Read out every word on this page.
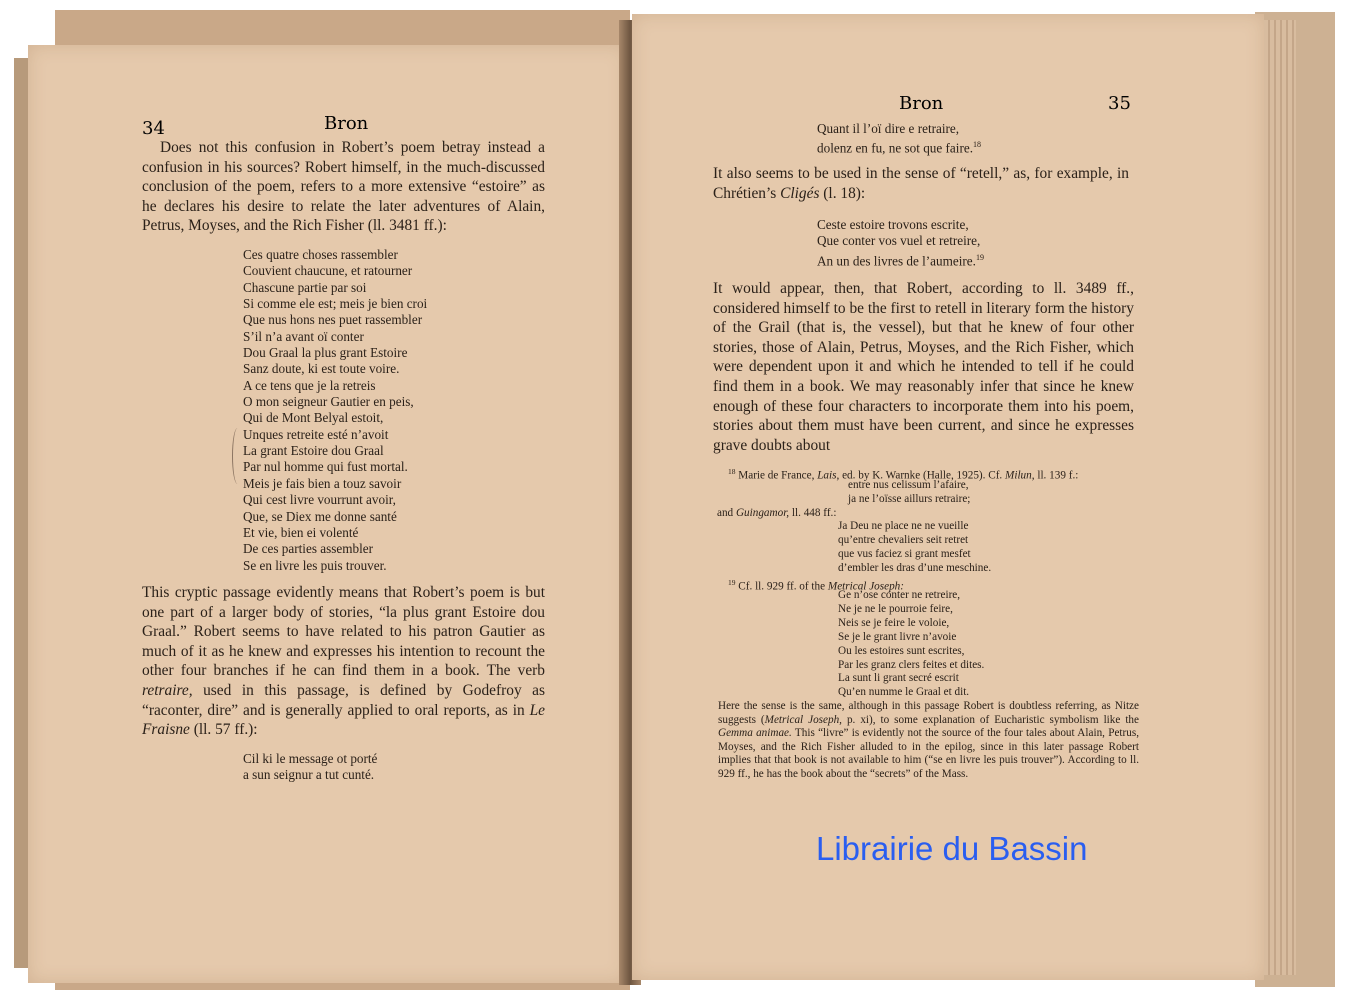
34	Bron

Does not this confusion in Robert’s poem betray instead a confusion in his sources? Robert himself, in the much-discussed conclusion of the poem, refers to a more extensive “estoire” as he declares his desire to relate the later adventures of Alain, Petrus, Moyses, and the Rich Fisher (ll. 3481 ff.):

Ces quatre choses rassembler
Couvient chaucune, et ratourner
Chascune partie par soi
Si comme ele est; meis je bien croi
Que nus hons nes puet rassembler
S’il n’a avant oï conter
Dou Graal la plus grant Estoire
Sanz doute, ki est toute voire.
A ce tens que je la retreis
O mon seigneur Gautier en peis,
Qui de Mont Belyal estoit,
Unques retreite esté n’avoit
La grant Estoire dou Graal
Par nul homme qui fust mortal.
Meis je fais bien a touz savoir
Qui cest livre vourrunt avoir,
Que, se Diex me donne santé
Et vie, bien ei volenté
De ces parties assembler
Se en livre les puis trouver.

This cryptic passage evidently means that Robert’s poem is but one part of a larger body of stories, “la plus grant Estoire dou Graal.” Robert seems to have related to his patron Gautier as much of it as he knew and expresses his intention to recount the other four branches if he can find them in a book. The verb retraire, used in this passage, is defined by Godefroy as “raconter, dire” and is generally applied to oral reports, as in Le Fraisne (ll. 57 ff.):

Cil ki le message ot porté
a sun seignur a tut cunté.
Bron	35
Quant il l’oï dire e retraire,
dolenz en fu, ne sot que faire.$^{18}$

It also seems to be used in the sense of “retell,” as, for example, in Chrétien’s Cligés (l. 18):

Ceste estoire trovons escrite,
Que conter vos vuel et retreire,
An un des livres de l’aumeire.$^{19}$

It would appear, then, that Robert, according to ll. 3489 ff., considered himself to be the first to retell in literary form the history of the Grail (that is, the vessel), but that he knew of four other stories, those of Alain, Petrus, Moyses, and the Rich Fisher, which were dependent upon it and which he intended to tell if he could find them in a book. We may reasonably infer that since he knew enough of these four characters to incorporate them into his poem, stories about them must have been current, and since he expresses grave doubts about

$^{18}$ Marie de France, Lais, ed. by K. Warnke (Halle, 1925). Cf. Milun, ll. 139 f.:
entre nus celissum l’afaire,
ja ne l’oïsse aillurs retraire;
and Guingamor, ll. 448 ff.:
Ja Deu ne place ne ne vueille
qu’entre chevaliers seit retret
que vus faciez si grant mesfet
d’embler les dras d’une meschine.
$^{19}$ Cf. ll. 929 ff. of the Metrical Joseph:
Ge n’ose conter ne retreire,
Ne je ne le pourroie feire,
Neis se je feire le voloie,
Se je le grant livre n’avoie
Ou les estoires sunt escrites,
Par les granz clers feites et dites.
La sunt li grant secré escrit
Qu’en numme le Graal et dit.

Here the sense is the same, although in this passage Robert is doubtless referring, as Nitze suggests (Metrical Joseph, p. xi), to some explanation of Eucharistic symbolism like the Gemma animae. This “livre” is evidently not the source of the four tales about Alain, Petrus, Moyses, and the Rich Fisher alluded to in the epilog, since in this later passage Robert implies that that book is not available to him (“se en livre les puis trouver”). According to ll. 929 ff., he has the book about the “secrets” of the Mass.

Librairie du Bassin
